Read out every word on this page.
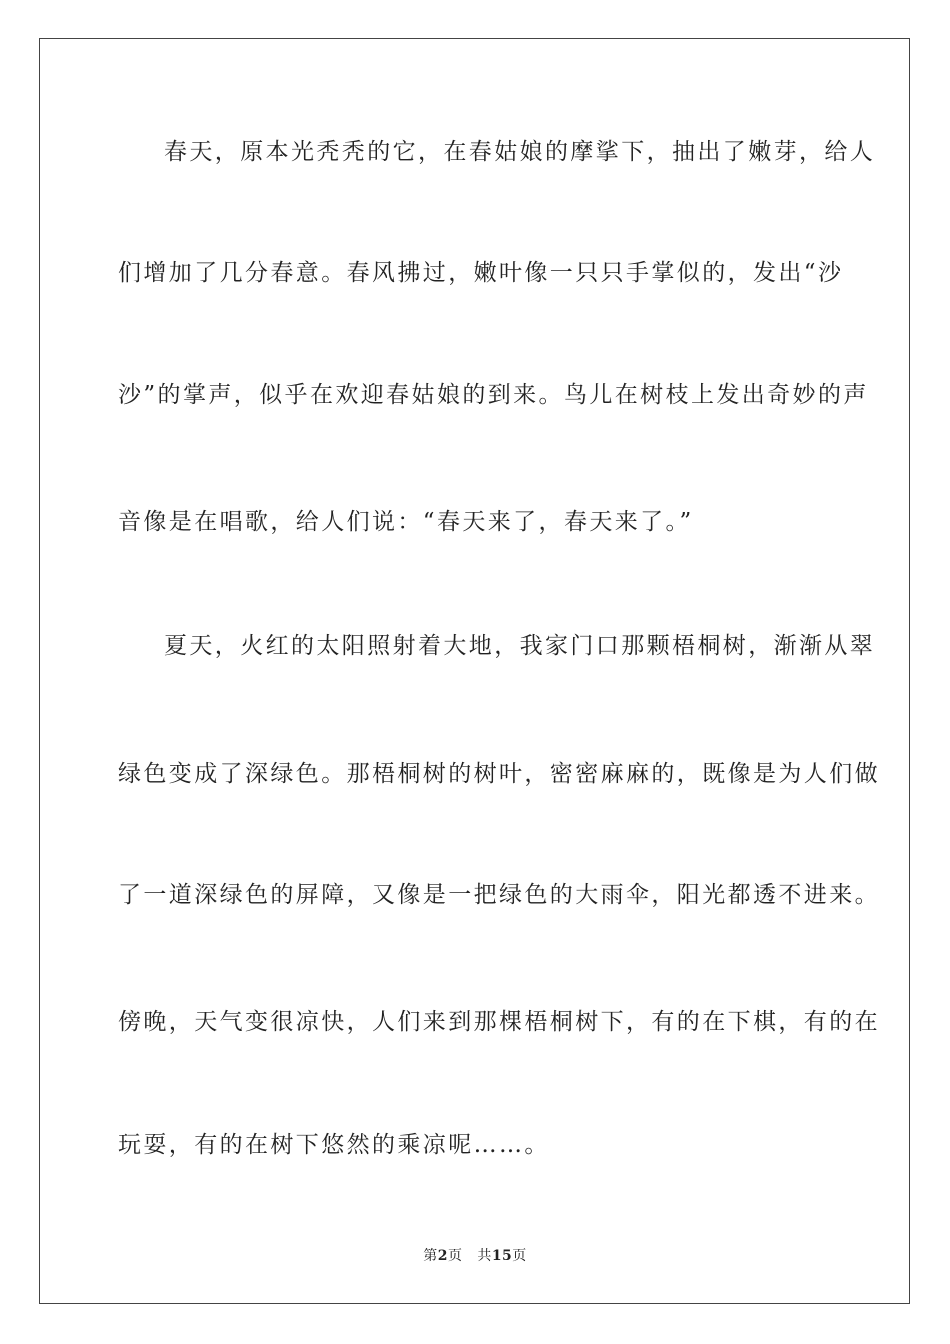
春天，原本光秃秃的它，在春姑娘的摩挲下，抽出了嫩芽，给人
们增加了几分春意。春风拂过，嫩叶像一只只手掌似的，发出“沙
沙”的掌声，似乎在欢迎春姑娘的到来。鸟儿在树枝上发出奇妙的声
音像是在唱歌，给人们说：“春天来了，春天来了。”
夏天，火红的太阳照射着大地，我家门口那颗梧桐树，渐渐从翠
绿色变成了深绿色。那梧桐树的树叶，密密麻麻的，既像是为人们做
了一道深绿色的屏障，又像是一把绿色的大雨伞，阳光都透不进来。
傍晚，天气变很凉快，人们来到那棵梧桐树下，有的在下棋，有的在
玩耍，有的在树下悠然的乘凉呢……。
第2页 共15页
